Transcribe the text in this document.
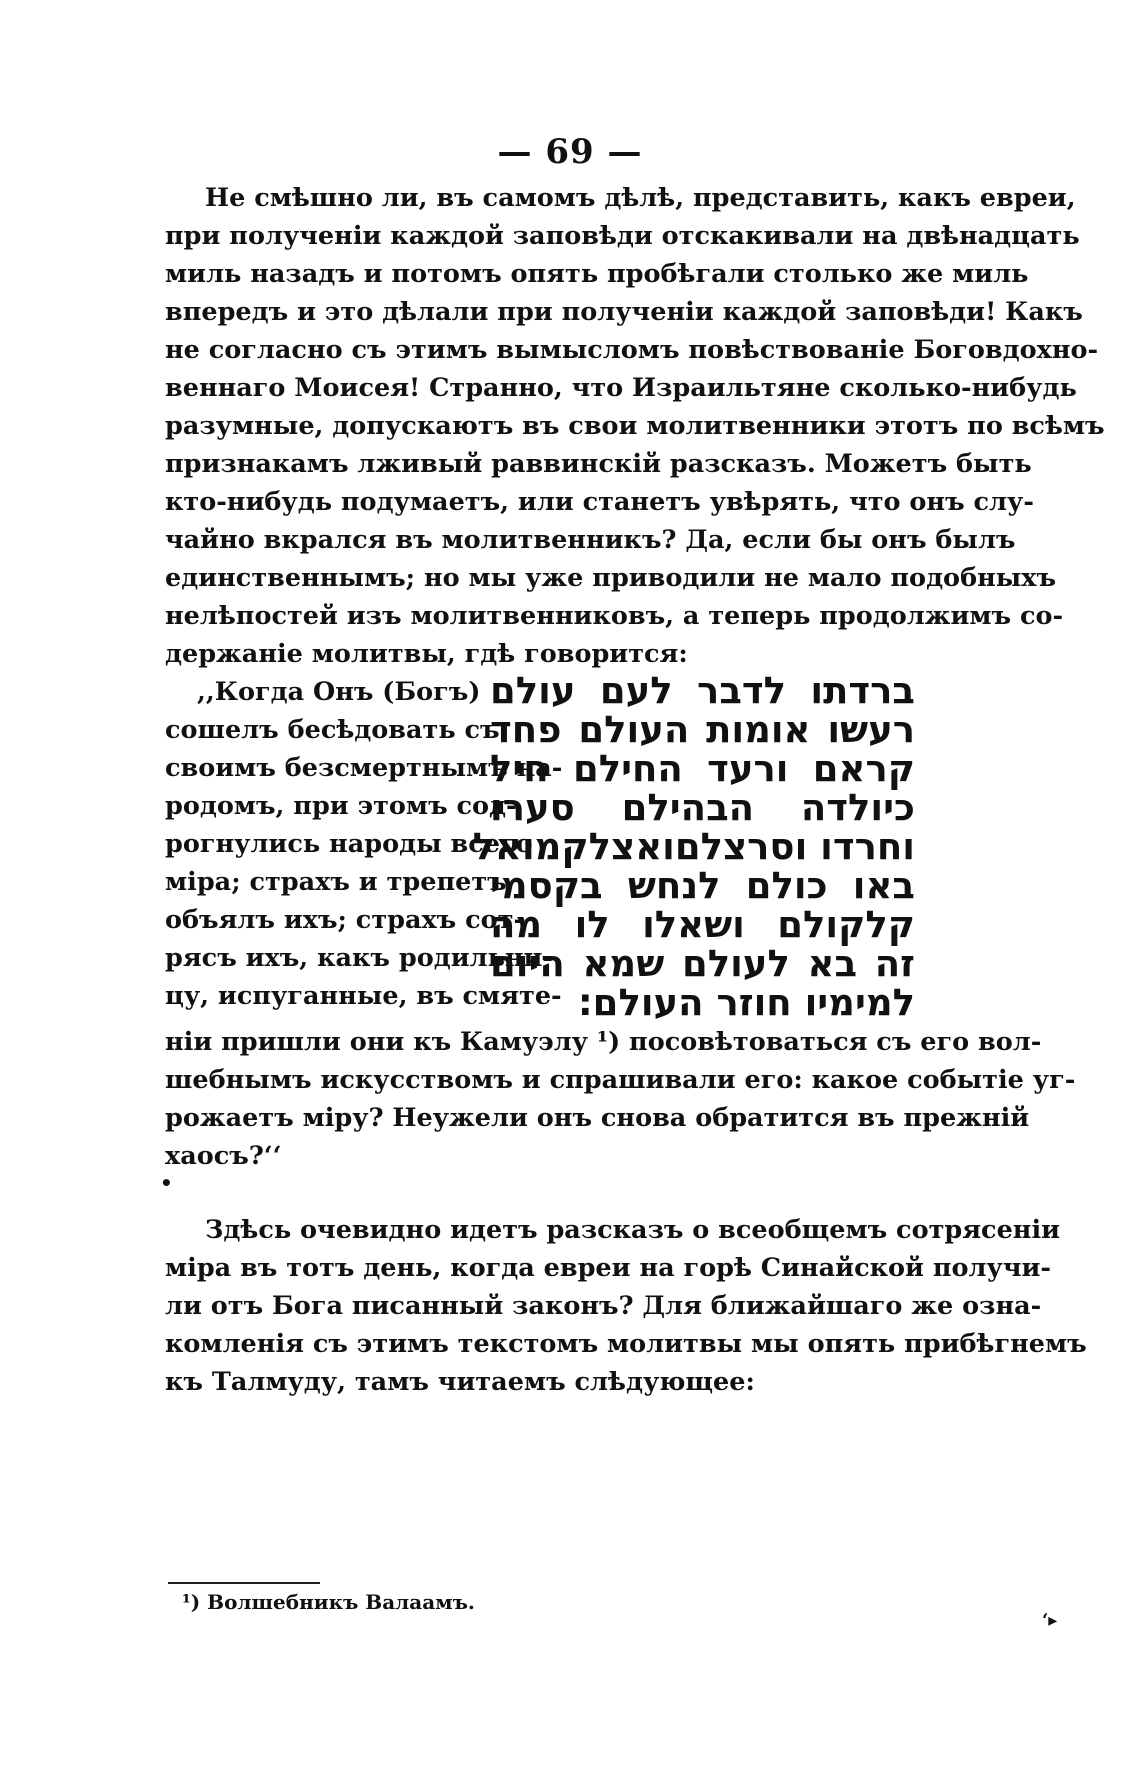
— 69 —
Не смѣшно ли, въ самомъ дѣлѣ, представить, какъ евреи,
при полученіи каждой заповѣди отскакивали на двѣнадцать
миль назадъ и потомъ опять пробѣгали столько же миль
впередъ и это дѣлали при полученіи каждой заповѣди! Какъ
не согласно съ этимъ вымысломъ повѣствованіе Боговдохно-
веннаго Моисея! Странно, что Израильтяне сколько-нибудь
разумные, допускаютъ въ свои молитвенники этотъ по всѣмъ
признакамъ лживый раввинскій разсказъ. Можетъ быть
кто-нибудь подумаетъ, или станетъ увѣрять, что онъ слу-
чайно вкрался въ молитвенникъ? Да, если бы онъ былъ
единственнымъ; но мы уже приводили не мало подобныхъ
нелѣпостей изъ молитвенниковъ, а теперь продолжимъ со-
держаніе молитвы, гдѣ говорится:
,,Когда Онъ (Богъ)
сошелъ бесѣдовать съ
своимъ безсмертнымъ на-
родомъ, при этомъ сод-
рогнулись народы всего
міра; страхъ и трепетъ
объялъ ихъ; страхъ сот-
рясъ ихъ, какъ родильни-
цу, испуганные, въ смяте-
ברדתו לדבר לעם עולם
רעשו אומות העולם פחד
קראם ורעד החילם חיל
כיולדה הבהילם סערו
וחרדו וסרצלםואצלקמואל
באו כולם לנחש בקסמי
קלקולם ושאלו לו מה
זה בא לעולם שמא היום
למימיו חוזר העולם:
ніи пришли они къ Камуэлу ¹) посовѣтоваться съ его вол-
шебнымъ искусствомъ и спрашивали его: какое событіе уг-
рожаетъ міру? Неужели онъ снова обратится въ прежній
хаосъ?‘‘
•
Здѣсь очевидно идетъ разсказъ о всеобщемъ сотрясеніи
міра въ тотъ день, когда евреи на горѣ Синайской получи-
ли отъ Бога писанный законъ? Для ближайшаго же озна-
комленія съ этимъ текстомъ молитвы мы опять прибѣгнемъ
къ Талмуду, тамъ читаемъ слѣдующее:
¹) Волшебникъ Валаамъ.
‘▸
